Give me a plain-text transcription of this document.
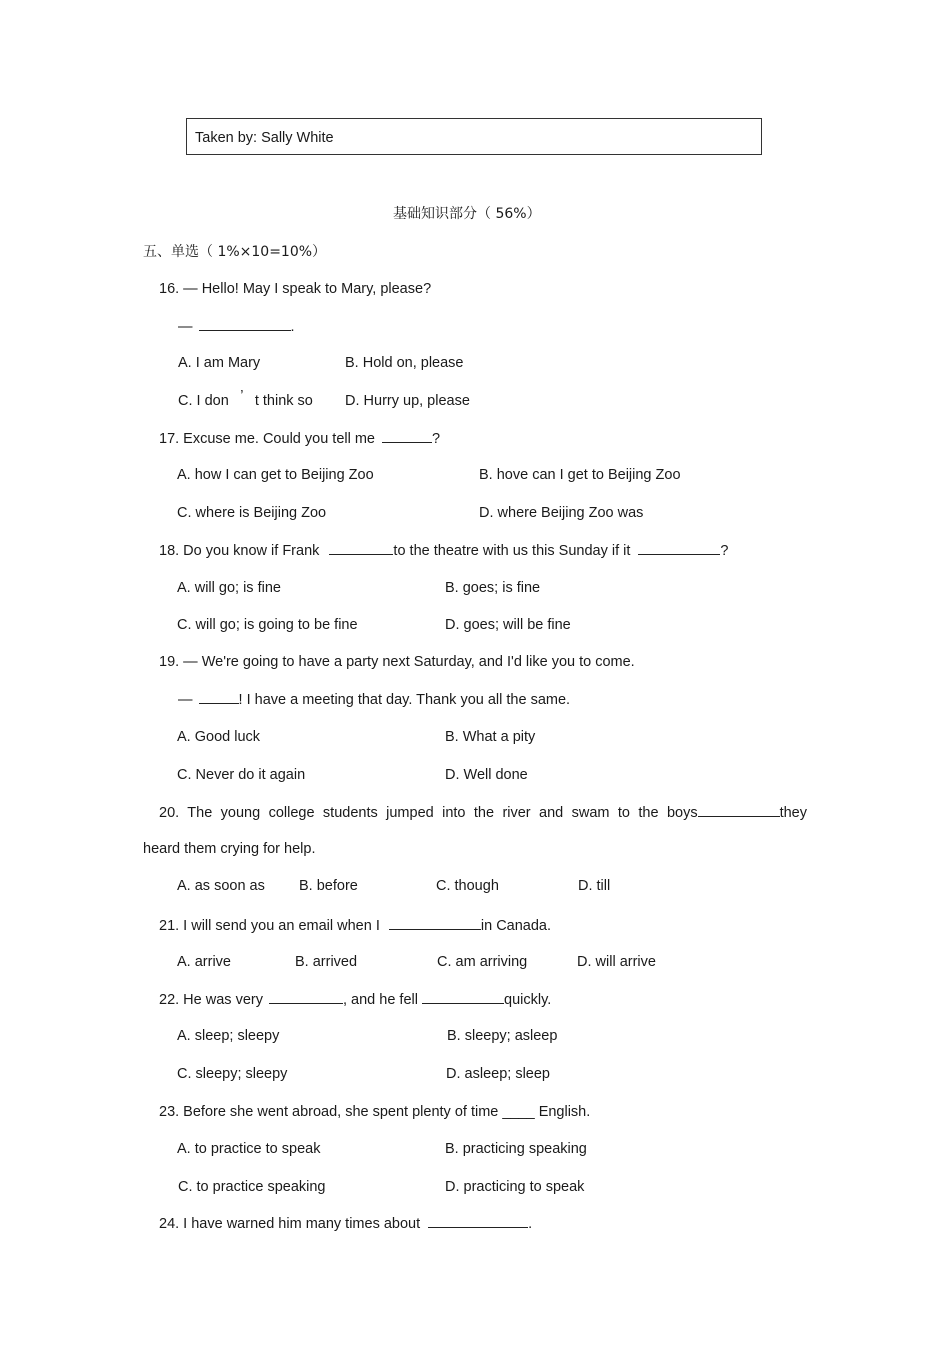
Taken by: Sally White
基础知识部分（ 56%）
五、单选（ 1%×10=10%）
16. — Hello! May I speak to Mary, please?
—	.
A. I am Mary	B. Hold on, please
C. I don ’ t think so D. Hurry up, please
17. Excuse me. Could you tell me	?
A. how I can get to Beijing Zoo	B. hove can I get to Beijing Zoo
C. where is Beijing Zoo	D. where Beijing Zoo was
18. Do you know if Frank	to the theatre with us this Sunday if it	?
A. will go; is fine	B. goes; is fine
C. will go; is going to be fine	D. goes; will be fine
19. — We're going to have a party next Saturday, and I'd like you to come.
—	! I have a meeting that day. Thank you all the same.
A. Good luck	B. What a pity
C. Never do it again	D. Well done
20. The young college students jumped into the river and swam to the boys	they
heard them crying for help.
A. as soon as B. before	C. though	D. till
21. I will send you an email when I	in Canada.
A. arrive	B. arrived	C. am arriving	D. will arrive
22. He was very	, and he fell	quickly.
A. sleep; sleepy	B. sleepy; asleep
C. sleepy; sleepy	D. asleep; sleep
23. Before she went abroad, she spent plenty of time ____ English.
A. to practice to speak	B. practicing speaking
C. to practice speaking	D. practicing to speak
24. I have warned him many times about	.
